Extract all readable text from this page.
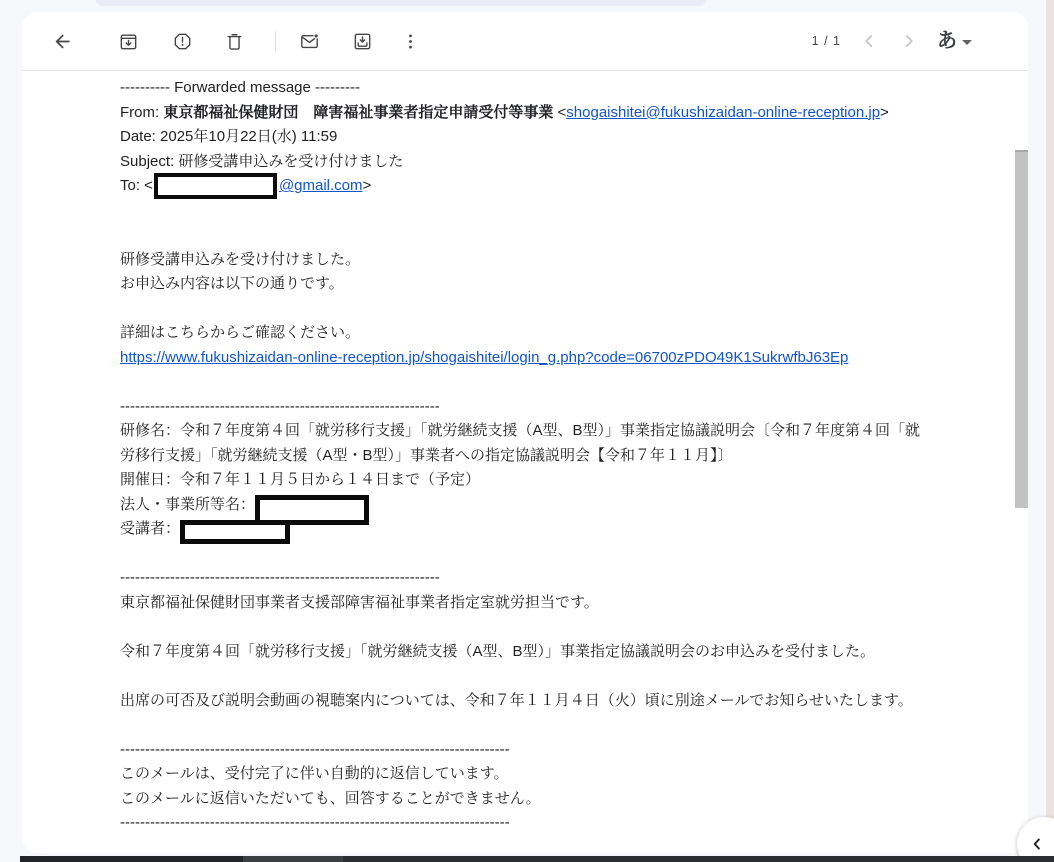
1 / 1	あ
---------- Forwarded message ---------
From: 東京都福祉保健財団　障害福祉事業者指定申請受付等事業 <shogaishitei@fukushizaidan-online-reception.jp>
Date: 2025年10月22日(水) 11:59
Subject: 研修受講申込みを受け付けました
To: <	@gmail.com>
研修受講申込みを受け付けました。
お申込み内容は以下の通りです。
詳細はこちらからご確認ください。
https://www.fukushizaidan-online-reception.jp/shogaishitei/login_g.php?code=06700zPDO49K1SukrwfbJ63Ep
----------------------------------------------------------------
研修名：令和７年度第４回「就労移行支援」「就労継続支援（A型、B型）」事業指定協議説明会〔令和７年度第４回「就
労移行支援」「就労継続支援（A型・B型）」事業者への指定協議説明会【令和７年１１月】〕
開催日：令和７年１１月５日から１４日まで（予定）
法人・事業所等名：
受講者：
----------------------------------------------------------------
東京都福祉保健財団事業者支援部障害福祉事業者指定室就労担当です。
令和７年度第４回「就労移行支援」「就労継続支援（A型、B型）」事業指定協議説明会のお申込みを受付ました。
出席の可否及び説明会動画の視聴案内については、令和７年１１月４日（火）頃に別途メールでお知らせいたします。
------------------------------------------------------------------------------
このメールは、受付完了に伴い自動的に返信しています。
このメールに返信いただいても、回答することができません。
------------------------------------------------------------------------------
